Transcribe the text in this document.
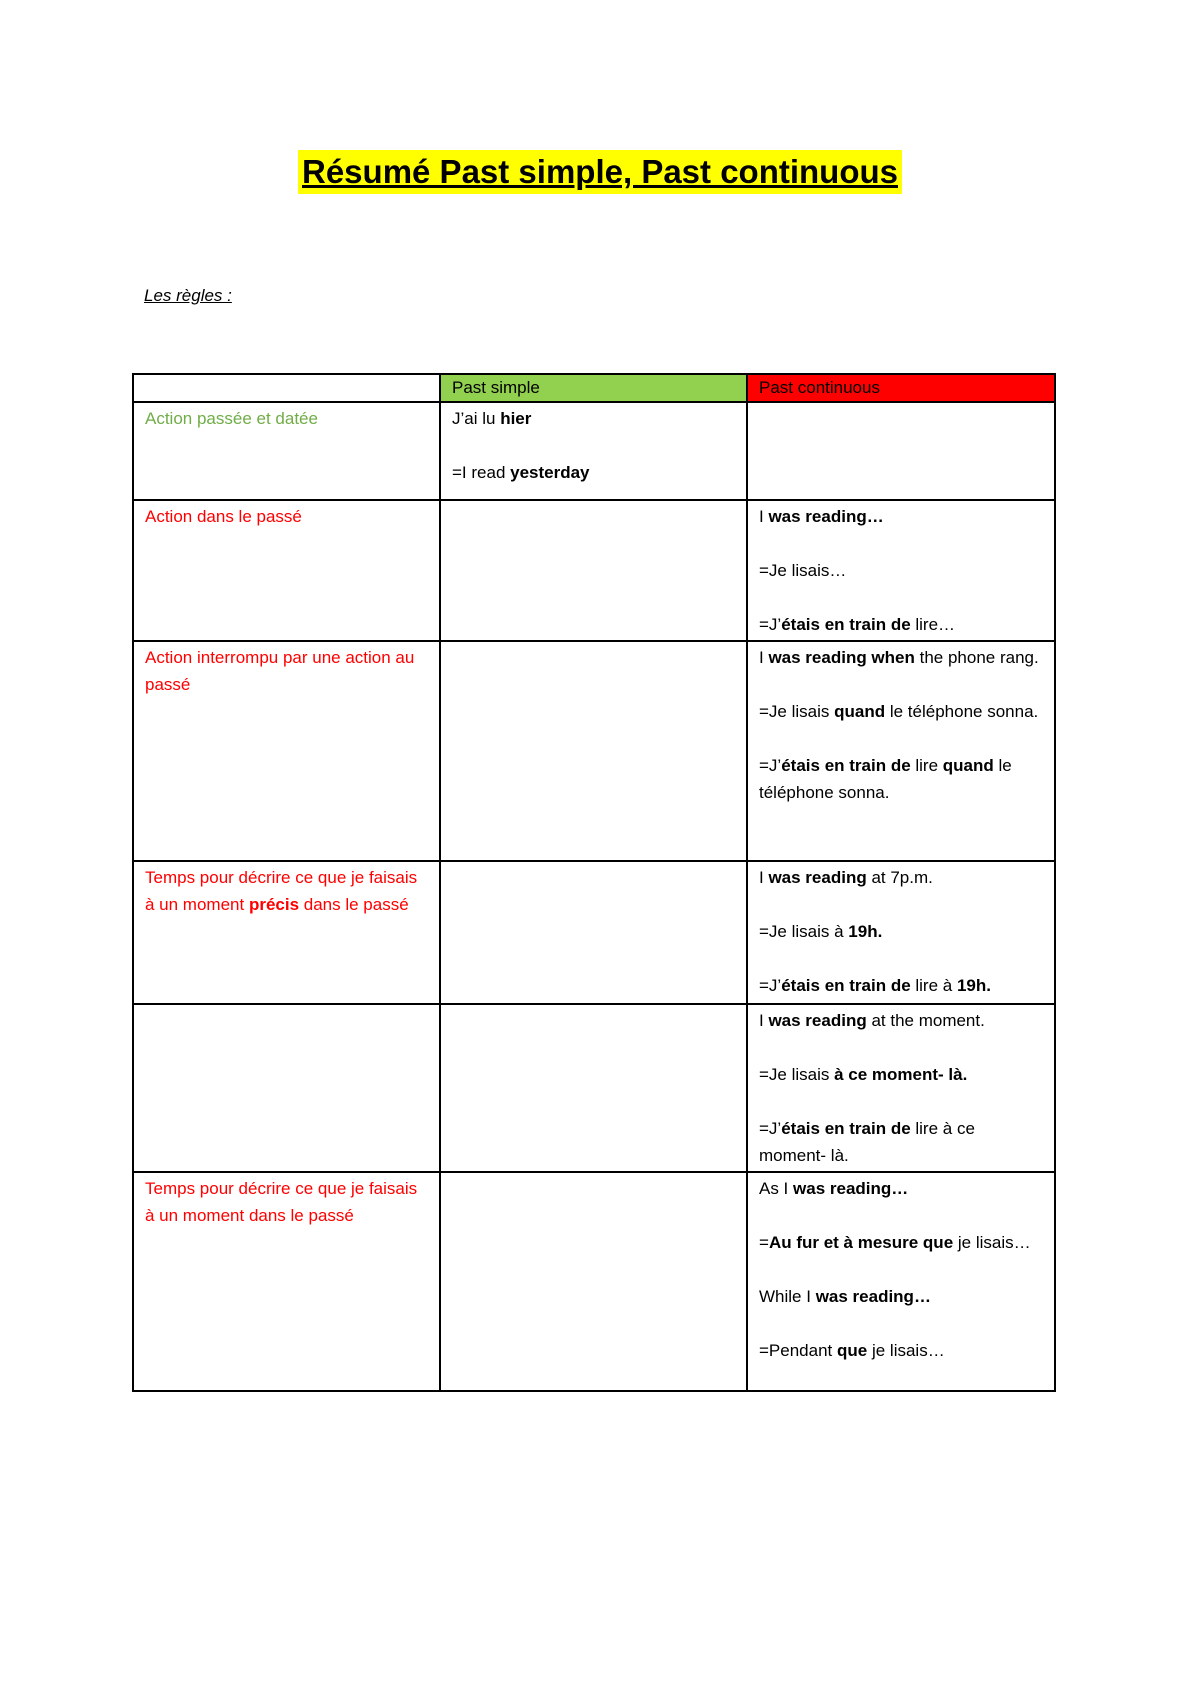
Résumé Past simple, Past continuous
Les règles :
	Past simple	Past continuous
Action passée et datée	J’ai lu hier
=I read yesterday	

Action dans le passé		I was reading…
=Je lisais…
=J’étais en train de lire…

Action interrompu par une action au passé		I was reading when the phone rang.
=Je lisais quand le téléphone sonna.
=J’étais en train de lire quand le téléphone sonna.

Temps pour décrire ce que je faisais à un moment précis dans le passé		I was reading at 7p.m.
=Je lisais à 19h.
=J’étais en train de lire à 19h.

		I was reading at the moment.
=Je lisais à ce moment- là.
=J’étais en train de lire à ce moment- là.

Temps pour décrire ce que je faisais à un moment dans le passé		As I was reading…
=Au fur et à mesure que je lisais…
While I was reading…
=Pendant que je lisais…
